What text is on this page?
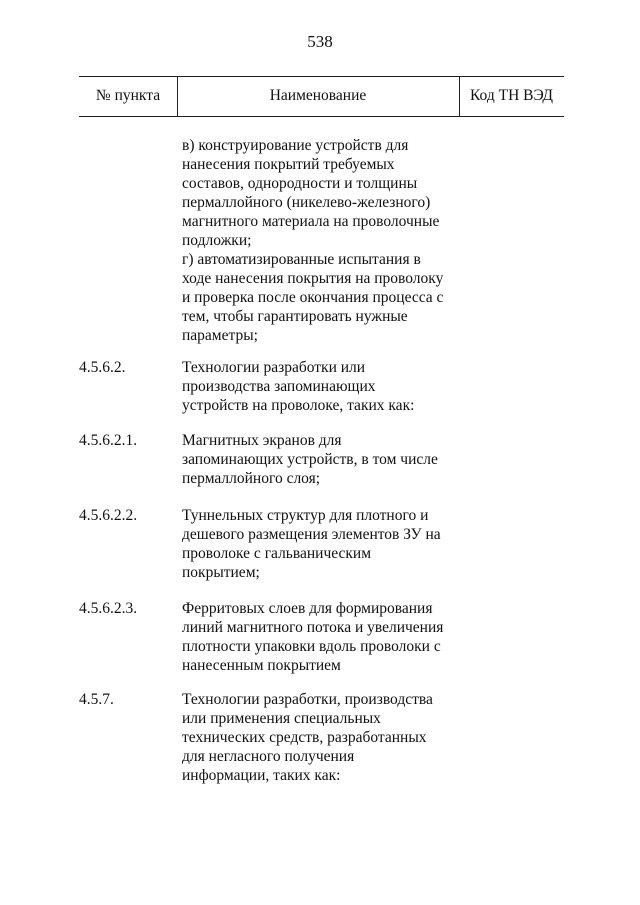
538
№ пункта	Наименование	Код ТН ВЭД
в) конструирование устройств для
нанесения покрытий требуемых
составов, однородности и толщины
пермаллойного (никелево-железного)
магнитного материала на проволочные
подложки;
г) автоматизированные испытания в
ходе нанесения покрытия на проволоку
и проверка после окончания процесса с
тем, чтобы гарантировать нужные
параметры;
4.5.6.2.	Технологии разработки или
производства запоминающих
устройств на проволоке, таких как:
4.5.6.2.1.	Магнитных экранов для
запоминающих устройств, в том числе
пермаллойного слоя;
4.5.6.2.2.	Туннельных структур для плотного и
дешевого размещения элементов ЗУ на
проволоке с гальваническим
покрытием;
4.5.6.2.3.	Ферритовых слоев для формирования
линий магнитного потока и увеличения
плотности упаковки вдоль проволоки с
нанесенным покрытием
4.5.7.	Технологии разработки, производства
или применения специальных
технических средств, разработанных
для негласного получения
информации, таких как:
